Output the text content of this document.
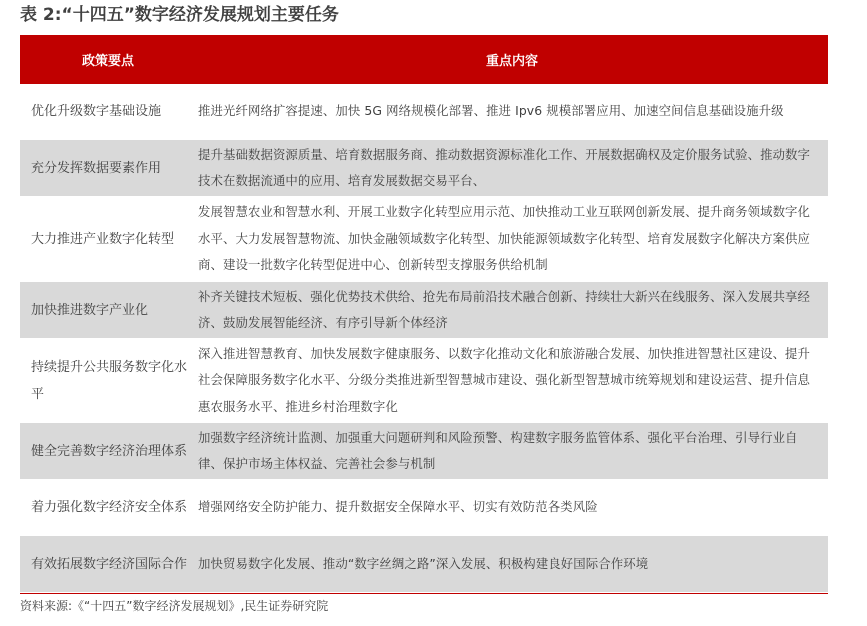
表 2:“十四五”数字经济发展规划主要任务
政策要点	重点内容
优化升级数字基础设施	推进光纤网络扩容提速、加快 5G 网络规模化部署、推进 Ipv6 规模部署应用、加速空间信息基础设施升级
充分发挥数据要素作用
提升基础数据资源质量、培育数据服务商、推动数据资源标准化工作、开展数据确权及定价服务试验、推动数字技术在数据流通中的应用、培育发展数据交易平台、
大力推进产业数字化转型
发展智慧农业和智慧水利、开展工业数字化转型应用示范、加快推动工业互联网创新发展、提升商务领域数字化水平、大力发展智慧物流、加快金融领域数字化转型、加快能源领域数字化转型、培育发展数字化解决方案供应商、建设一批数字化转型促进中心、创新转型支撑服务供给机制
加快推进数字产业化
补齐关键技术短板、强化优势技术供给、抢先布局前沿技术融合创新、持续壮大新兴在线服务、深入发展共享经济、鼓励发展智能经济、有序引导新个体经济
持续提升公共服务数字化水平
深入推进智慧教育、加快发展数字健康服务、以数字化推动文化和旅游融合发展、加快推进智慧社区建设、提升社会保障服务数字化水平、分级分类推进新型智慧城市建设、强化新型智慧城市统筹规划和建设运营、提升信息惠农服务水平、推进乡村治理数字化
健全完善数字经济治理体系
加强数字经济统计监测、加强重大问题研判和风险预警、构建数字服务监管体系、强化平台治理、引导行业自律、保护市场主体权益、完善社会参与机制
着力强化数字经济安全体系 增强网络安全防护能力、提升数据安全保障水平、切实有效防范各类风险
有效拓展数字经济国际合作 加快贸易数字化发展、推动“数字丝绸之路”深入发展、积极构建良好国际合作环境
资料来源:《“十四五”数字经济发展规划》,民生证券研究院
